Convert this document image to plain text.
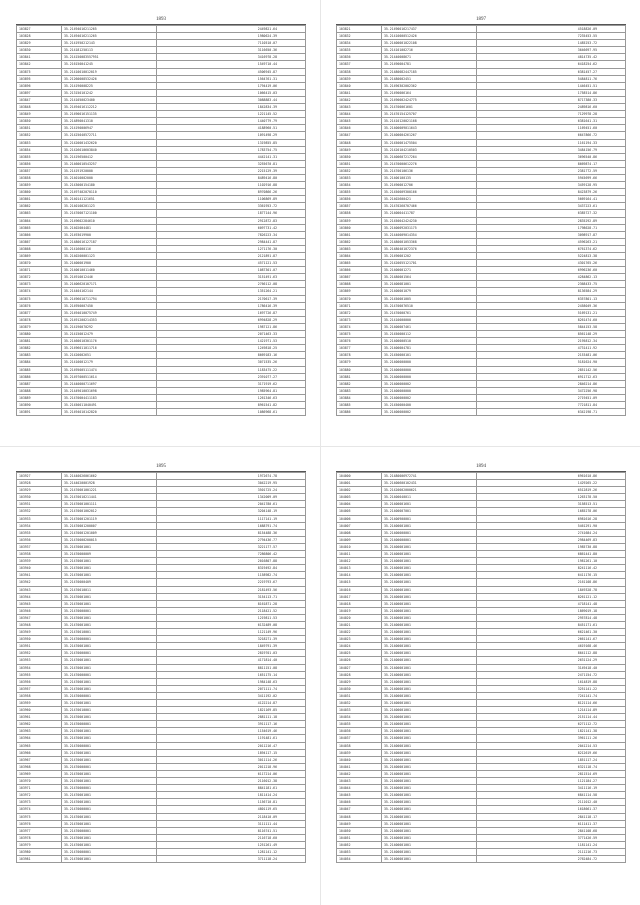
1893
103827	35.21494016211265	2449821.64
103828	35.21494016211265	1980624.39
103829	35.2141950212143	7110510.07
103830	35.214181250113	3116650.36
103841	35.214150083557951	3416978.28
103842	35.216150041245	1549710.44
103875	35.21410010012019	4506945.87
103895	35.21260008532426	1564761.31
103896	35.214190008225	1794419.06
103897	35.213150101242	1066415.03
103847	35.2141050023400	3088883.44
103848	35.21494016112212	1842834.39
103849	35.21490016151135	1221145.52
103850	35.214890041310	1440779.79
103851	35.214190006947	4188960.51
103852	35.21425040572711	1091498.29
103853	35.21420001432620	1319855.85
103854	35.21426010603840	1783754.75
103855	35.214196500412	4442141.31
103856	35.21460010543257	3255670.81
103857	35.214191920000	2215129.39
103858	35.214010002000	8489416.80
103859	35.2143000154180	1102916.88
103860	35.21497402070110	8970866.26
103861	35.2140141121651	1106869.89
103862	35.2140100201123	3361953.72
103863	35.21470007121100	1877144.96
103864	35.2149602284610	2912872.83
103865	35.21402004481	6097731.42
103866	35.21493019900	7826223.34
103867	35.21480016127187	2984441.87
103868	35.21416000116	1271176.30
103869	35.2140200001123	2121891.87
103870	35.21400001900	4571121.53
103871	35.2140010011460	1087301.07
103872	35.214910012446	3151491.63
103873	35.21406620107171	2766112.08
103874	35.214404162144	1351264.21
103875	35.21496010711794	2170617.39
103876	35.214950007450	1786416.39
103877	35.21494010075749	1697726.87
103878	35.21491200214353	6994828.29
103879	35.214190070292	1987121.86
103880	35.214150012479	2071463.33
103881	35.21460010301176	1421971.53
103882	35.21496011011716	1249818.25
103883	35.21420002651	8669183.16
103884	35.214100012179	3071535.26
103885	35.21495005111474	1183475.22
103886	35.21497000511614	2391077.27
103887	35.21440000711697	3171919.62
103888	35.21449010031698	1985964.81
103889	35.21470004411183	1261346.63
103890	35.21450011040491	8961541.82
103891	35.21494010142820	1086968.61
1897
103821	35.21490016217437	4518826.09
103832	35.21410000512426	7235453.55
103834	35.21400001022108	1485253.72
103835	35.214101002716	3646697.95
103836	35.21440008671	4814735.42
103837	35.21490004781	6418254.62
103838	35.21480082447185	6381457.27
103839	35.21480002451	5484811.76
103840	35.21490302002362	1446451.51
103841	35.21490006164	1758514.86
103842	35.21490002424775	8717380.33
103843	35.214700061601	2489816.60
103844	35.21470154125707	7129978.28
103845	35.21410120021168	6381641.31
103846	35.21400009011643	1169451.60
103847	35.21400004261267	6647866.72
103848	35.21450001475504	1161194.33
103849	35.21420104210503	3484156.79
103850	35.21400607217264	3696540.86
103851	35.21470000612276	8669874.17
103852	35.214700106136	2381772.59
103853	35.21400100135	5945699.66
103854	35.214900012706	3459128.95
103855	35.21450009300166	8423879.26
103856	35.21402600421	5669164.41
103857	35.21470260707466	3437223.61
103858	35.2140004411787	6385727.32
103859	35.21450042424230	2835292.89
103860	35.21400092031175	1798628.71
103861	35.21440009014354	3098917.87
103862	35.21480001053368	4596263.21
103863	35.21480401072376	6761374.62
103864	35.21490001202	5224813.38
103865	35.21420055121701	4301765.26
103866	35.21400001271	6996236.60
103867	35.21480001564	4284862.13
103868	35.21400081001	2368433.75
103869	35.21400001079	8136584.29
103870	35.21450001005	6357801.13
103871	35.214700076510	2458049.36
103872	35.21470000761	5169131.21
103873	35.21410000000	8261474.60
103874	35.21400007461	5844153.58
103875	35.21450000112	8561148.29
103876	35.21400000510	2195812.34
103877	35.21400004781	4731411.92
103878	35.21450000101	2153481.06
103879	35.21400000000	5181624.90
103880	35.21400000000	2851142.56
103881	35.21400000000	6911712.63
103882	35.21400000002	2846214.86
103883	35.21400000000	3472256.98
103884	35.21400000002	2719451.09
103885	35.21450000400	7721811.84
103886	35.21400000002	6342198.71
1895
103927	35.21440026061662	1972674.78
103928	35.2144020001928	3042219.95
103929	35.21470001001221	3501725.24
103930	35.21470010211441	1342009.09
103931	35.21470001001111	2041780.61
103932	35.21470001002012	3204148.19
103933	35.21470001201119	1117141.19
103934	35.21470001200007	1688791.74
103935	35.21470001201009	8154488.36
103936	35.21470000200015	2794436.77
103937	35.21470001001	3221177.57
103938	35.21470000009	7286806.42
103939	35.21470001001	2016807.88
103940	35.21470001001	8319492.84
103941	35.21470001001	1158982.74
103942	35.21470000409	2219793.67
103943	35.21470010011	2181493.56
103944	35.21470001001	3154113.71
103945	35.21470001001	8161871.28
103946	35.21470000001	2118421.52
103947	35.21470001001	1219811.53
103948	35.21470001001	6132489.08
103949	35.21470010001	1121149.96
103950	35.21470000001	3218271.39
103951	35.21470001001	1849791.39
103952	35.21470000001	2819701.03
103953	35.21470001001	4171814.40
103954	35.21470001001	8811151.08
103955	35.21470000001	1651175.14
103956	35.21470001001	1984148.63
103957	35.21470001001	2071111.74
103958	35.21470000001	3411192.02
103959	35.21470001001	4122214.87
103960	35.21470010001	1821169.85
103961	35.21470001001	2881111.18
103962	35.21470000001	3911117.16
103963	35.21470001001	1154619.46
103964	35.21470001001	1191481.61
103965	35.21470000001	2011216.47
103966	35.21470001001	1894117.15
103967	35.21470001001	3011114.26
103968	35.21470000001	2011218.96
103969	35.21470001001	6117214.06
103970	35.21470001001	2116012.38
103971	35.21470000001	8841181.61
103972	35.21470001001	1811414.24
103973	35.21470001001	1156710.81
103974	35.21470000001	4801119.65
103975	35.21470001001	2118410.09
103976	35.21470001001	3111111.44
103977	35.21470000001	8116741.51
103978	35.21470001001	2116718.60
103979	35.21470001001	1251261.49
103980	35.21470000001	1281141.12
103981	35.21470001001	3711118.24
1894
104000	35.21480006972741	6961610.86
104001	35.21400600102431	1429265.22
104002	35.21420002000621	6512819.26
104003	35.21400040011	1263178.50
104004	35.21400001601	3158513.51
104005	35.21400007001	1685278.06
104006	35.21400900001	6981616.28
104007	35.21400001001	5461291.90
104008	35.21400000001	2741684.24
104009	35.21400000001	2984469.83
104010	35.21400001001	1985730.88
104011	35.21400001001	6861441.80
104012	35.21400001001	1981261.10
104013	35.21400001001	8241116.42
104014	35.21400001001	6411176.15
104015	35.21400001001	2161108.86
104016	35.21400001001	1849328.78
104017	35.21400001001	8261121.12
104018	35.21400001001	4718141.48
104019	35.21400001001	1869019.18
104020	35.21400001001	2957814.48
104021	35.21400001001	8451171.61
104022	35.21400001001	6621461.30
104023	35.21400001001	2661141.67
104024	35.21400001001	4619168.46
104025	35.21400001001	8641112.88
104026	35.21400001001	2631124.29
104027	35.21400001001	3149418.40
104028	35.21400001001	2471154.72
104029	35.21400001001	1614819.88
104030	35.21400001001	3251141.22
104031	35.21400001001	7241141.74
104032	35.21400001001	8121114.66
104033	35.21400001001	1214114.89
104034	35.21400001001	2151114.44
104035	35.21400001001	6271112.72
104036	35.21400001001	1821141.38
104037	35.21400001001	3961111.26
104038	35.21400001001	2041214.53
104039	35.21400001001	8212619.66
104040	35.21400001001	1851117.24
104041	35.21400001001	6321118.74
104042	35.21400001001	2811514.69
104043	35.21400001001	1121184.27
104044	35.21400001001	3411116.19
104045	35.21400001001	6841114.58
104046	35.21400001001	2111012.40
104047	35.21400001001	1618661.37
104048	35.21400001001	2841118.17
104049	35.21400001001	6111411.37
104050	35.21400001001	2841108.68
104051	35.21400001001	3771426.59
104052	35.21400001001	1181141.24
104053	35.21400001001	2111216.73
104054	35.21400001001	2762484.72
